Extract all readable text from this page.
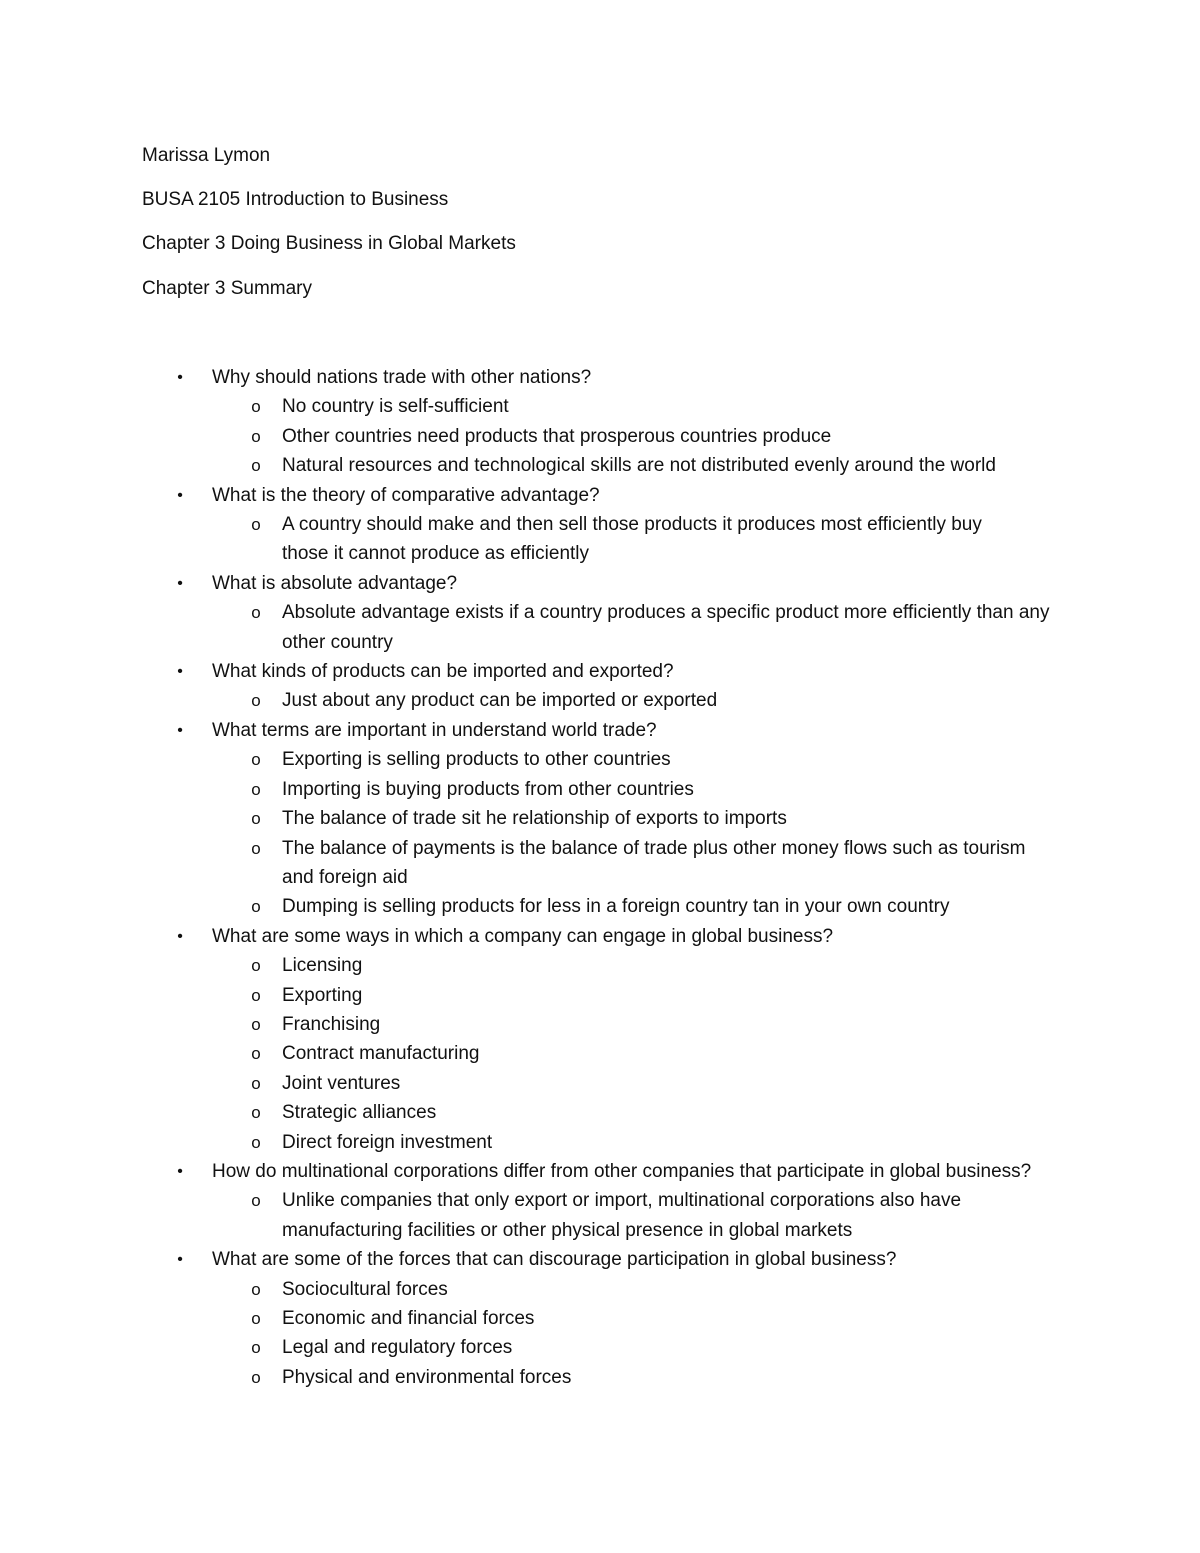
Marissa Lymon
BUSA 2105 Introduction to Business
Chapter 3 Doing Business in Global Markets
Chapter 3 Summary
• Why should nations trade with other nations?
o No country is self-sufficient
o Other countries need products that prosperous countries produce
o Natural resources and technological skills are not distributed evenly around the world
• What is the theory of comparative advantage?
o A country should make and then sell those products it produces most efficiently buy those it cannot produce as efficiently
• What is absolute advantage?
o Absolute advantage exists if a country produces a specific product more efficiently than any other country
• What kinds of products can be imported and exported?
o Just about any product can be imported or exported
• What terms are important in understand world trade?
o Exporting is selling products to other countries
o Importing is buying products from other countries
o The balance of trade sit he relationship of exports to imports
o The balance of payments is the balance of trade plus other money flows such as tourism and foreign aid
o Dumping is selling products for less in a foreign country tan in your own country
• What are some ways in which a company can engage in global business?
o Licensing
o Exporting
o Franchising
o Contract manufacturing
o Joint ventures
o Strategic alliances
o Direct foreign investment
• How do multinational corporations differ from other companies that participate in global business?
o Unlike companies that only export or import, multinational corporations also have manufacturing facilities or other physical presence in global markets
• What are some of the forces that can discourage participation in global business?
o Sociocultural forces
o Economic and financial forces
o Legal and regulatory forces
o Physical and environmental forces
